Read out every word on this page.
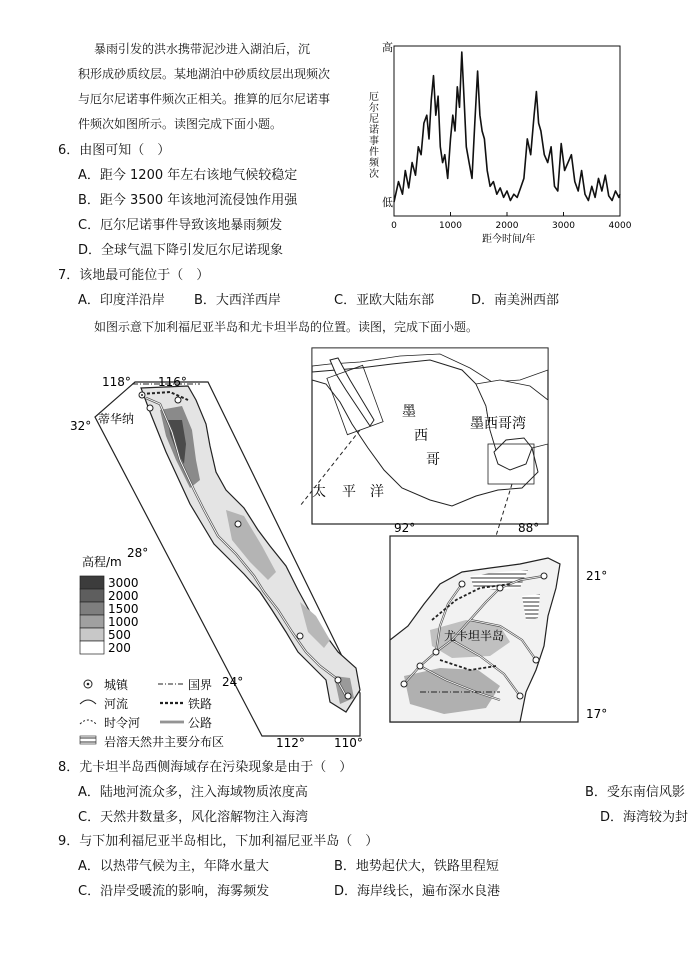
暴雨引发的洪水携带泥沙进入湖泊后，沉
积形成砂质纹层。某地湖泊中砂质纹层出现频次
与厄尔尼诺事件频次正相关。推算的厄尔尼诺事
件频次如图所示。读图完成下面小题。
高
低
厄
尔
尼
诺
事
件
频
次
0	1000	2000	3000	4000
距今时间/年
6．由图可知（　）
A．距今 1200 年左右该地气候较稳定
B．距今 3500 年该地河流侵蚀作用强
C．厄尔尼诺事件导致该地暴雨频发
D．全球气温下降引发厄尔尼诺现象
7．该地最可能位于（　）
A．印度洋沿岸 B．大西洋西岸	C．亚欧大陆东部	D．南美洲西部
如图示意下加利福尼亚半岛和尤卡坦半岛的位置。读图，完成下面小题。
118° 116°
蒂华纳
32°
28°
24°
112° 110°
高程/m
3000
2000
1500
1000
500
200
城镇	国界
河流	铁路
时令河	公路
岩溶天然井主要分布区
墨
西
哥
墨西哥湾
太 平 洋
尤卡坦半岛
92°	88°
21°
17°
8．尤卡坦半岛西侧海域存在污染现象是由于（　）
A．陆地河流众多，注入海域物质浓度高	B．受东南信风影
C．天然井数量多，风化溶解物注入海湾	D．海湾较为封
9．与下加利福尼亚半岛相比，下加利福尼亚半岛（　）
A．以热带气候为主，年降水量大	B．地势起伏大，铁路里程短
C．沿岸受暖流的影响，海雾频发	D．海岸线长，遍布深水良港
